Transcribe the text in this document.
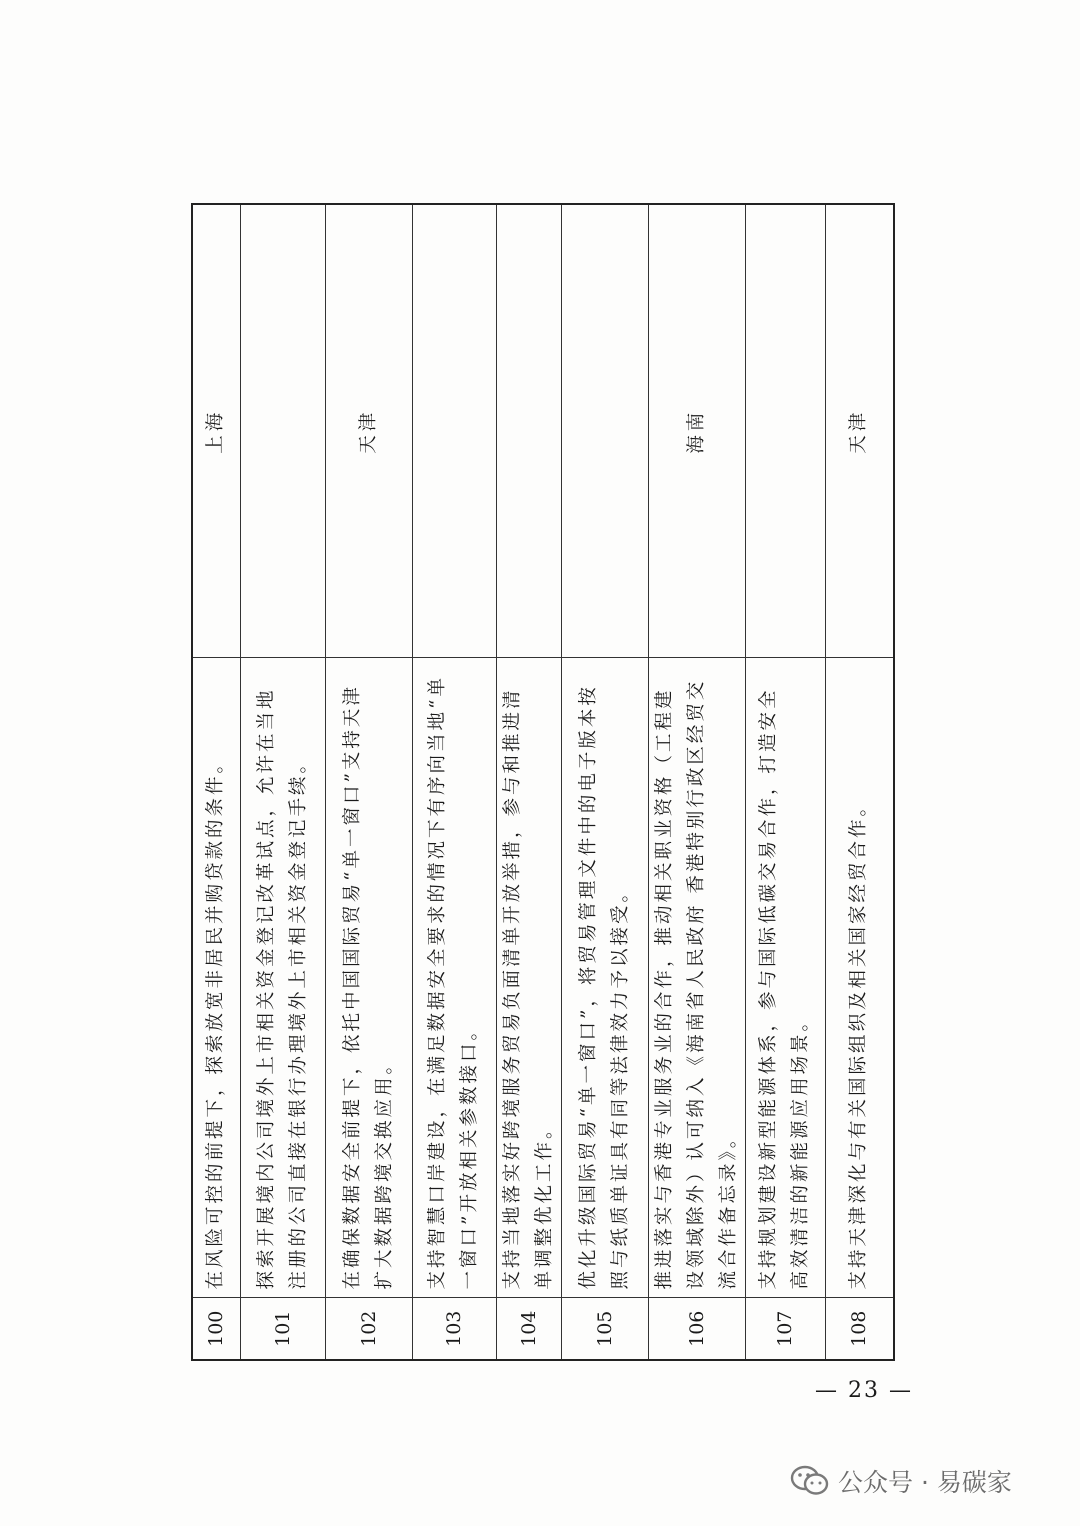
100	在风险可控的前提下，探索放宽非居民并购贷款的条件。	上海
101	探索开展境内公司境外上市相关资金登记改革试点，允许在当地注册的公司直接在银行办理境外上市相关资金登记手续。	
102	在确保数据安全前提下，依托中国国际贸易“单一窗口”支持天津扩大数据跨境交换应用。	天津
103	支持智慧口岸建设，在满足数据安全要求的情况下有序向当地“单一窗口”开放相关参数接口。	
104	支持当地落实好跨境服务贸易负面清单开放举措，参与和推进清单调整优化工作。	
105	优化升级国际贸易“单一窗口”，将贸易管理文件中的电子版本按照与纸质单证具有同等法律效力予以接受。	
106	推进落实与香港专业服务业的合作，推动相关职业资格（工程建设领域除外）认可纳入《海南省人民政府 香港特别行政区经贸交流合作备忘录》。	海南
107	支持规划建设新型能源体系，参与国际低碳交易合作，打造安全高效清洁的新能源应用场景。	
108	支持天津深化与有关国际组织及相关国家经贸合作。	天津
— 23 —
公众号 · 易碳家
